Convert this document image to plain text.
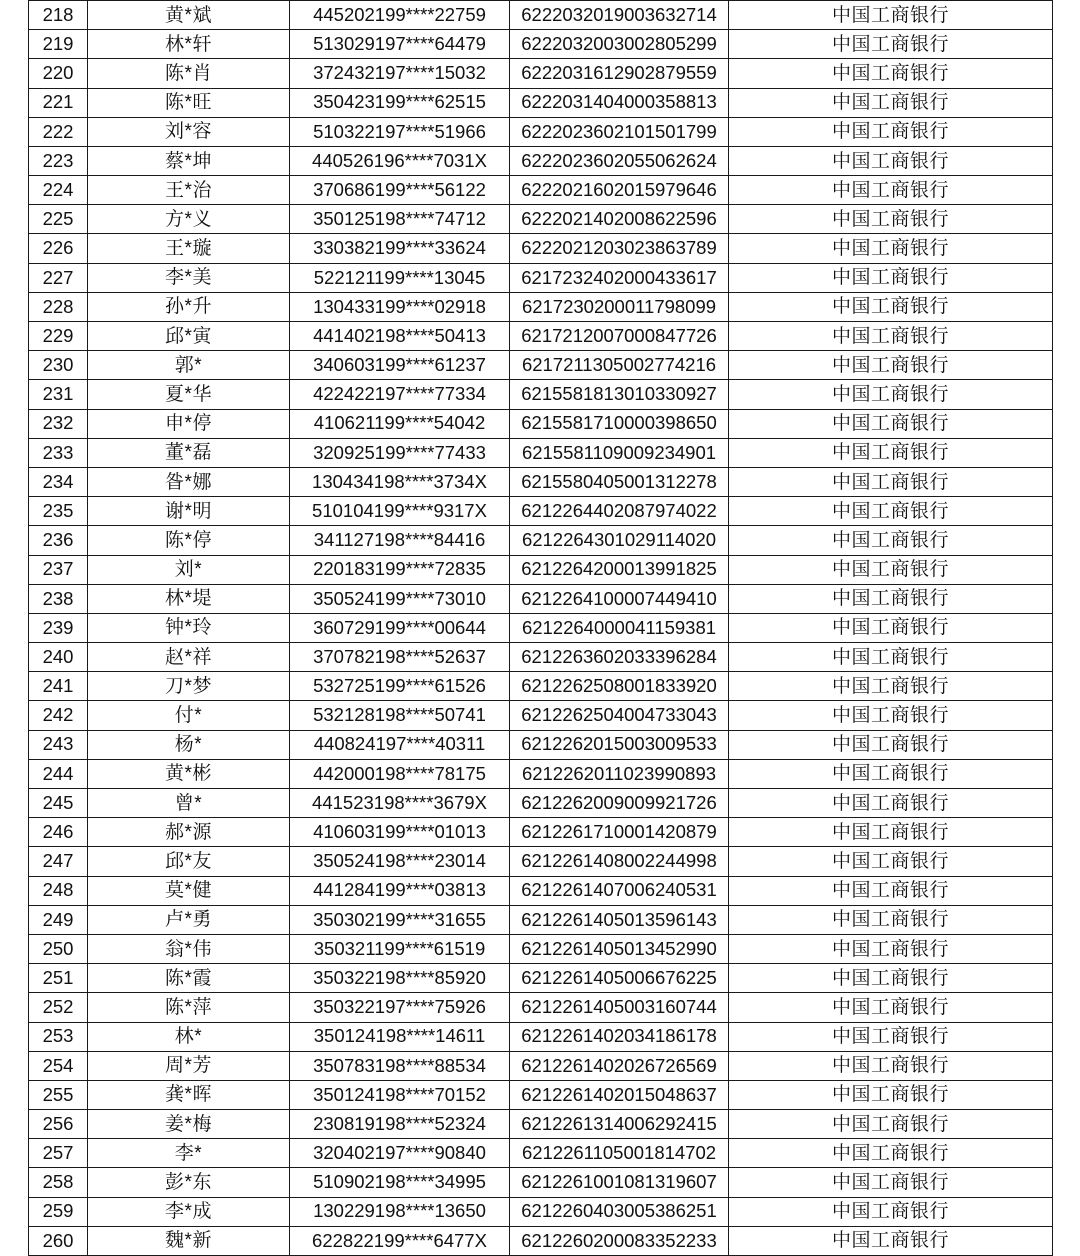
218	黄*斌	445202199****22759	6222032019003632714	中国工商银行
219	林*轩	513029197****64479	6222032003002805299	中国工商银行
220	陈*肖	372432197****15032	6222031612902879559	中国工商银行
221	陈*旺	350423199****62515	6222031404000358813	中国工商银行
222	刘*容	510322197****51966	6222023602101501799	中国工商银行
223	蔡*坤	440526196****7031X	6222023602055062624	中国工商银行
224	王*治	370686199****56122	6222021602015979646	中国工商银行
225	方*义	350125198****74712	6222021402008622596	中国工商银行
226	王*璇	330382199****33624	6222021203023863789	中国工商银行
227	李*美	522121199****13045	6217232402000433617	中国工商银行
228	孙*升	130433199****02918	6217230200011798099	中国工商银行
229	邱*寅	441402198****50413	6217212007000847726	中国工商银行
230	郭*	340603199****61237	6217211305002774216	中国工商银行
231	夏*华	422422197****77334	6215581813010330927	中国工商银行
232	申*停	410621199****54042	6215581710000398650	中国工商银行
233	董*磊	320925199****77433	6215581109009234901	中国工商银行
234	昝*娜	130434198****3734X	6215580405001312278	中国工商银行
235	谢*明	510104199****9317X	6212264402087974022	中国工商银行
236	陈*停	341127198****84416	6212264301029114020	中国工商银行
237	刘*	220183199****72835	6212264200013991825	中国工商银行
238	林*堤	350524199****73010	6212264100007449410	中国工商银行
239	钟*玲	360729199****00644	6212264000041159381	中国工商银行
240	赵*祥	370782198****52637	6212263602033396284	中国工商银行
241	刀*梦	532725199****61526	6212262508001833920	中国工商银行
242	付*	532128198****50741	6212262504004733043	中国工商银行
243	杨*	440824197****40311	6212262015003009533	中国工商银行
244	黄*彬	442000198****78175	6212262011023990893	中国工商银行
245	曾*	441523198****3679X	6212262009009921726	中国工商银行
246	郝*源	410603199****01013	6212261710001420879	中国工商银行
247	邱*友	350524198****23014	6212261408002244998	中国工商银行
248	莫*健	441284199****03813	6212261407006240531	中国工商银行
249	卢*勇	350302199****31655	6212261405013596143	中国工商银行
250	翁*伟	350321199****61519	6212261405013452990	中国工商银行
251	陈*霞	350322198****85920	6212261405006676225	中国工商银行
252	陈*萍	350322197****75926	6212261405003160744	中国工商银行
253	林*	350124198****14611	6212261402034186178	中国工商银行
254	周*芳	350783198****88534	6212261402026726569	中国工商银行
255	龚*晖	350124198****70152	6212261402015048637	中国工商银行
256	姜*梅	230819198****52324	6212261314006292415	中国工商银行
257	李*	320402197****90840	6212261105001814702	中国工商银行
258	彭*东	510902198****34995	6212261001081319607	中国工商银行
259	李*成	130229198****13650	6212260403005386251	中国工商银行
260	魏*新	622822199****6477X	6212260200083352233	中国工商银行
